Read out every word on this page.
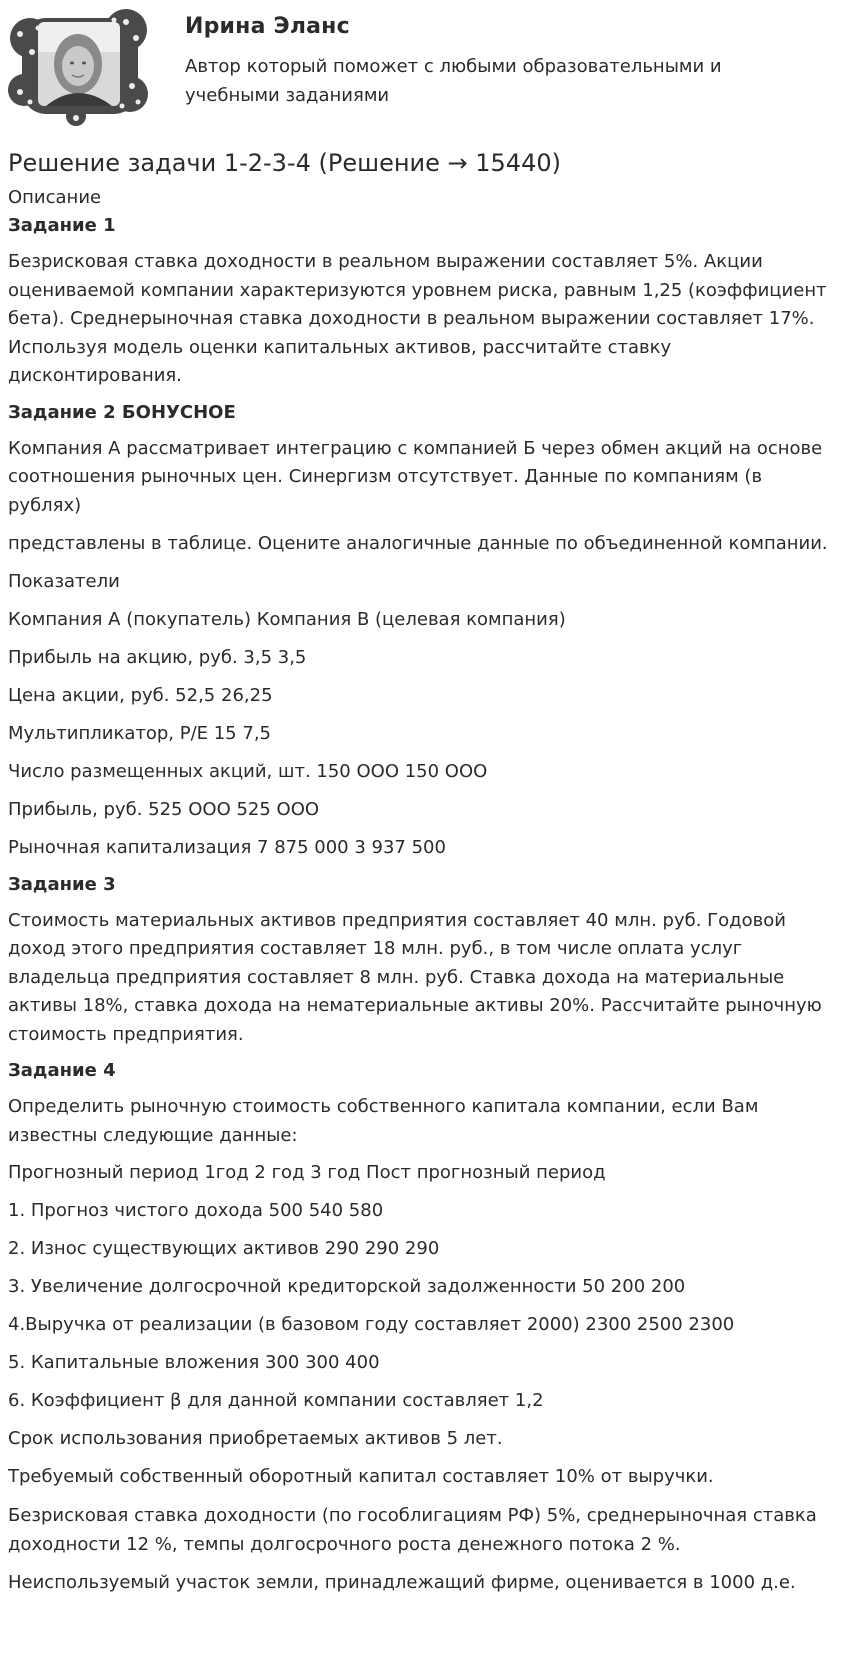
Ирина Эланс
Автор который поможет с любыми образовательными и учебными заданиями
Решение задачи 1-2-3-4 (Решение → 15440)
Описание
Задание 1
Безрисковая ставка доходности в реальном выражении составляет 5%. Акции оцениваемой компании характеризуются уровнем риска, равным 1,25 (коэффициент бета). Среднерыночная ставка доходности в реальном выражении составляет 17%. Используя модель оценки капитальных активов, рассчитайте ставку дисконтирования.
Задание 2 БОНУСНОЕ
Компания А рассматривает интеграцию с компанией Б через обмен акций на основе соотношения рыночных цен. Синергизм отсутствует. Данные по компаниям (в рублях)
представлены в таблице. Оцените аналогичные данные по объединенной компании.
Показатели
Компания А (покупатель) Компания В (целевая компания)
Прибыль на акцию, руб. 3,5 3,5
Цена акции, руб. 52,5 26,25
Мультипликатор, P/E 15 7,5
Число размещенных акций, шт. 150 ООО 150 ООО
Прибыль, руб. 525 ООО 525 ООО
Рыночная капитализация 7 875 000 3 937 500
Задание 3
Стоимость материальных активов предприятия составляет 40 млн. руб. Годовой доход этого предприятия составляет 18 млн. руб., в том числе оплата услуг владельца предприятия составляет 8 млн. руб. Ставка дохода на материальные активы 18%, ставка дохода на нематериальные активы 20%. Рассчитайте рыночную стоимость предприятия.
Задание 4
Определить рыночную стоимость собственного капитала компании, если Вам известны следующие данные:
Прогнозный период 1год 2 год 3 год Пост прогнозный период
1. Прогноз чистого дохода 500 540 580
2. Износ существующих активов 290 290 290
3. Увеличение долгосрочной кредиторской задолженности 50 200 200
4.Выручка от реализации (в базовом году составляет 2000) 2300 2500 2300
5. Капитальные вложения 300 300 400
6. Коэффициент β для данной компании составляет 1,2
Срок использования приобретаемых активов 5 лет.
Требуемый собственный оборотный капитал составляет 10% от выручки.
Безрисковая ставка доходности (по гособлигациям РФ) 5%, среднерыночная ставка доходности 12 %, темпы долгосрочного роста денежного потока 2 %.
Неиспользуемый участок земли, принадлежащий фирме, оценивается в 1000 д.е.
